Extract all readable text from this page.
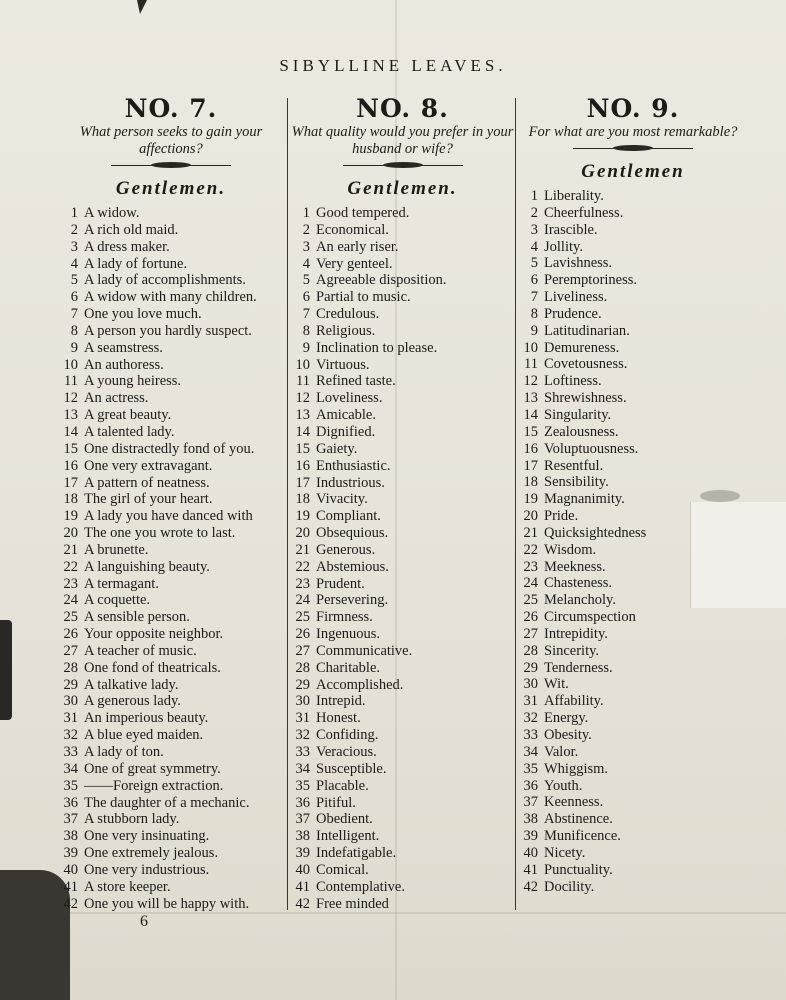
SIBYLLINE LEAVES.
NO. 7.
What person seeks to gain your affections?
Gentlemen.
1 A widow.
2 A rich old maid.
3 A dress maker.
4 A lady of fortune.
5 A lady of accomplishments.
6 A widow with many children.
7 One you love much.
8 A person you hardly suspect.
9 A seamstress.
10 An authoress.
11 A young heiress.
12 An actress.
13 A great beauty.
14 A talented lady.
15 One distractedly fond of you.
16 One very extravagant.
17 A pattern of neatness.
18 The girl of your heart.
19 A lady you have danced with
20 The one you wrote to last.
21 A brunette.
22 A languishing beauty.
23 A termagant.
24 A coquette.
25 A sensible person.
26 Your opposite neighbor.
27 A teacher of music.
28 One fond of theatricals.
29 A talkative lady.
30 A generous lady.
31 An imperious beauty.
32 A blue eyed maiden.
33 A lady of ton.
34 One of great symmetry.
35 ——Foreign extraction.
36 The daughter of a mechanic.
37 A stubborn lady.
38 One very insinuating.
39 One extremely jealous.
40 One very industrious.
41 A store keeper.
42 One you will be happy with.
NO. 8.
What quality would you prefer in your husband or wife?
Gentlemen.
1 Good tempered.
2 Economical.
3 An early riser.
4 Very genteel.
5 Agreeable disposition.
6 Partial to music.
7 Credulous.
8 Religious.
9 Inclination to please.
10 Virtuous.
11 Refined taste.
12 Loveliness.
13 Amicable.
14 Dignified.
15 Gaiety.
16 Enthusiastic.
17 Industrious.
18 Vivacity.
19 Compliant.
20 Obsequious.
21 Generous.
22 Abstemious.
23 Prudent.
24 Persevering.
25 Firmness.
26 Ingenuous.
27 Communicative.
28 Charitable.
29 Accomplished.
30 Intrepid.
31 Honest.
32 Confiding.
33 Veracious.
34 Susceptible.
35 Placable.
36 Pitiful.
37 Obedient.
38 Intelligent.
39 Indefatigable.
40 Comical.
41 Contemplative.
42 Free minded
NO. 9.
For what are you most remarkable?
Gentlemen
1 Liberality.
2 Cheerfulness.
3 Irascible.
4 Jollity.
5 Lavishness.
6 Peremptoriness.
7 Liveliness.
8 Prudence.
9 Latitudinarian.
10 Demureness.
11 Covetousness.
12 Loftiness.
13 Shrewishness.
14 Singularity.
15 Zealousness.
16 Voluptuousness.
17 Resentful.
18 Sensibility.
19 Magnanimity.
20 Pride.
21 Quicksightedness
22 Wisdom.
23 Meekness.
24 Chasteness.
25 Melancholy.
26 Circumspection
27 Intrepidity.
28 Sincerity.
29 Tenderness.
30 Wit.
31 Affability.
32 Energy.
33 Obesity.
34 Valor.
35 Whiggism.
36 Youth.
37 Keenness.
38 Abstinence.
39 Munificence.
40 Nicety.
41 Punctuality.
42 Docility.
6
